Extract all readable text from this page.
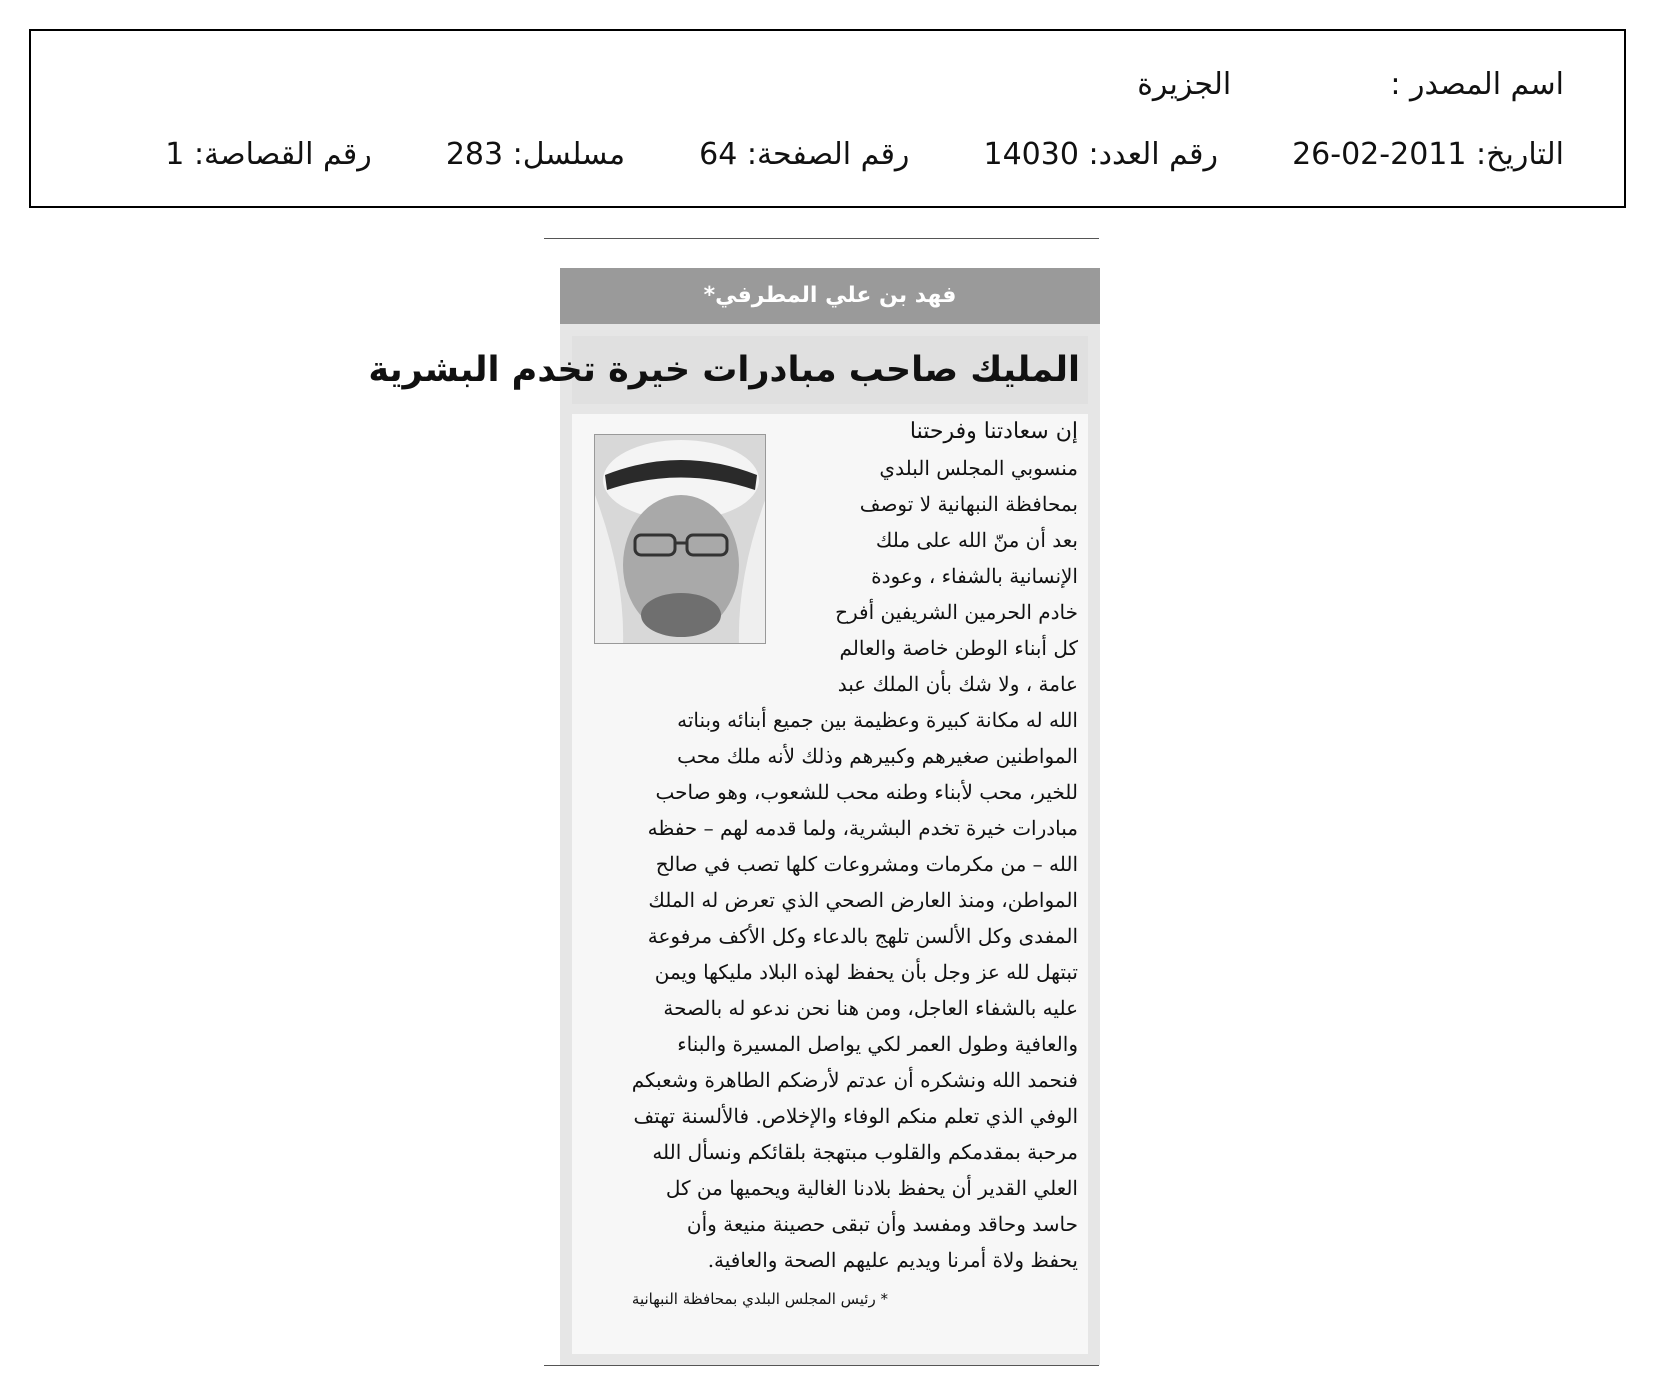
اسم المصدر :  الجزيرة
التاريخ: 2011-02-26  رقم العدد: 14030  رقم الصفحة: 64  مسلسل: 283  رقم القصاصة: 1
فهد بن علي المطرفي*
المليك صاحب مبادرات خيرة تخدم البشرية
إن سعادتنا وفرحتنا
منسوبي المجلس البلدي
بمحافظة النبهانية لا توصف
بعد أن منّ الله على ملك
الإنسانية بالشفاء ، وعودة
خادم الحرمين الشريفين أفرح
كل أبناء الوطن خاصة والعالم
عامة ، ولا شك بأن الملك عبد
الله له مكانة كبيرة وعظيمة بين جميع أبنائه وبناته
المواطنين صغيرهم وكبيرهم وذلك لأنه ملك محب
للخير، محب لأبناء وطنه محب للشعوب، وهو صاحب
مبادرات خيرة تخدم البشرية، ولما قدمه لهم – حفظه
الله – من مكرمات ومشروعات كلها تصب في صالح
المواطن، ومنذ العارض الصحي الذي تعرض له الملك
المفدى وكل الألسن تلهج بالدعاء وكل الأكف مرفوعة
تبتهل لله عز وجل بأن يحفظ لهذه البلاد مليكها ويمن
عليه بالشفاء العاجل، ومن هنا نحن ندعو له بالصحة
والعافية وطول العمر لكي يواصل المسيرة والبناء
فنحمد الله ونشكره أن عدتم لأرضكم الطاهرة وشعبكم
الوفي الذي تعلم منكم الوفاء والإخلاص. فالألسنة تهتف
مرحبة بمقدمكم والقلوب مبتهجة بلقائكم ونسأل الله
العلي القدير أن يحفظ بلادنا الغالية ويحميها من كل
حاسد وحاقد ومفسد وأن تبقى حصينة منيعة وأن
يحفظ ولاة أمرنا ويديم عليهم الصحة والعافية.
* رئيس المجلس البلدي بمحافظة النبهانية
